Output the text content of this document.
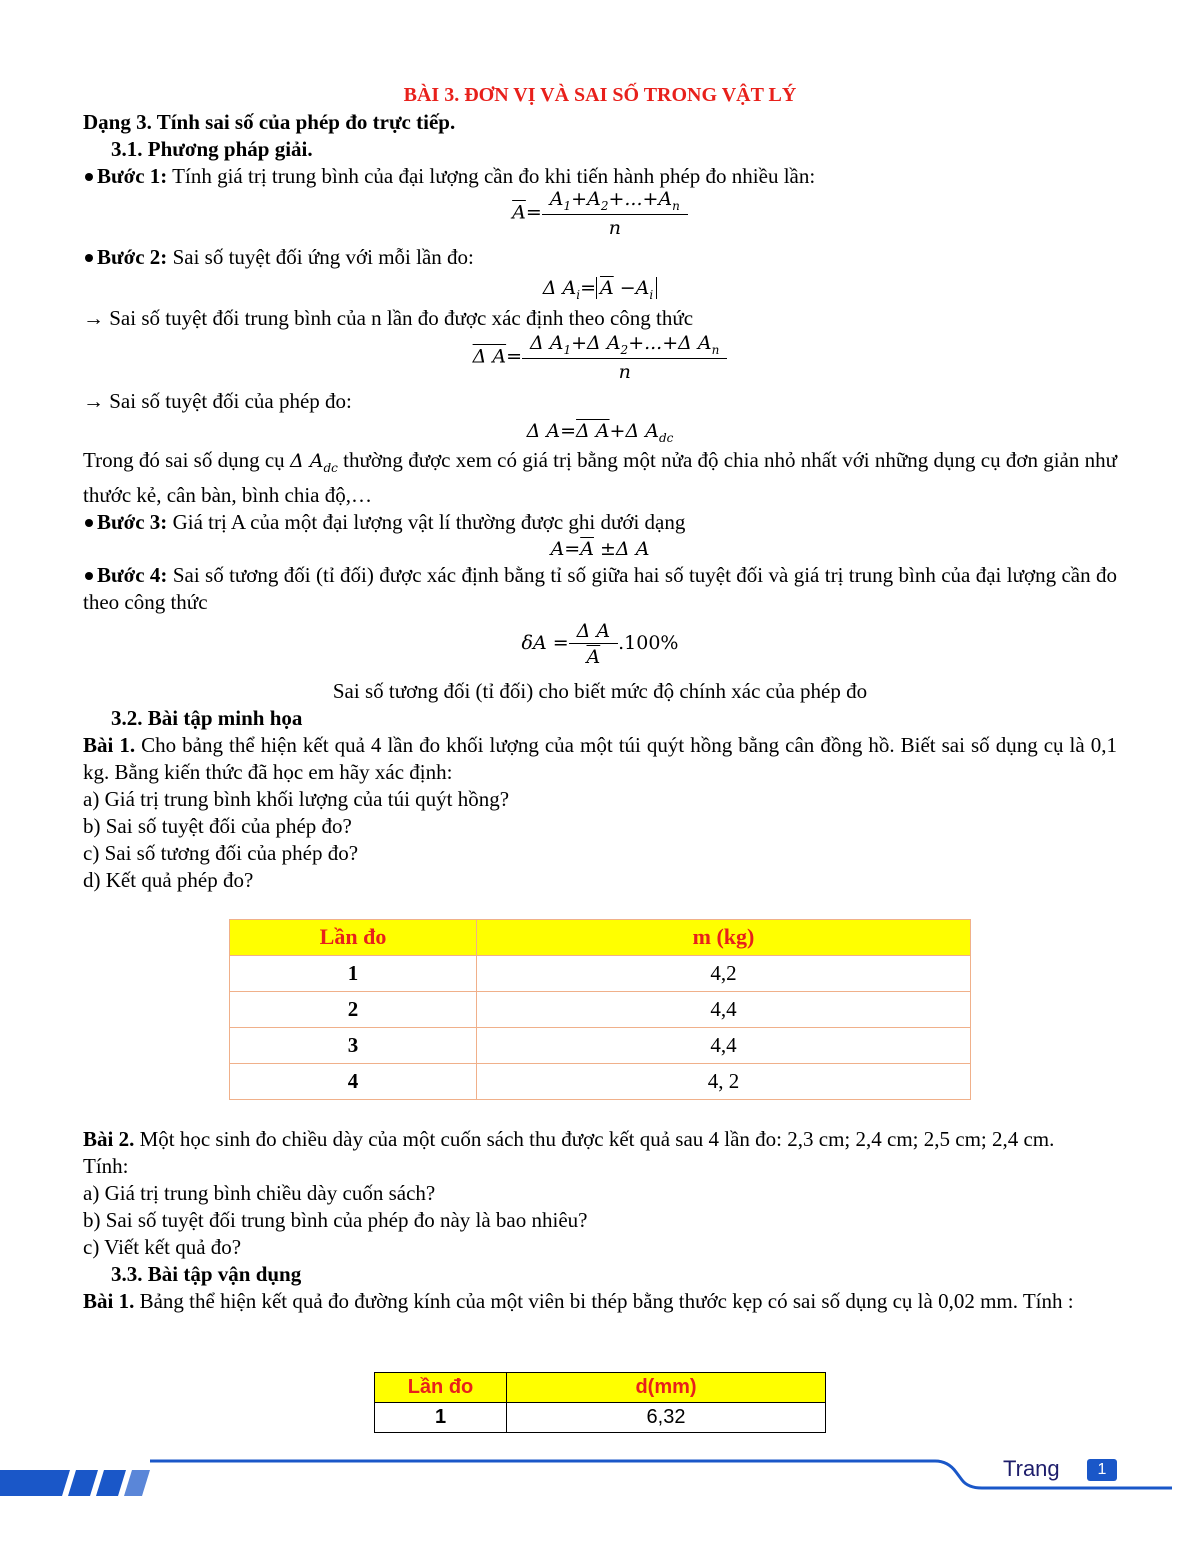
BÀI 3. ĐƠN VỊ VÀ SAI SỐ TRONG VẬT LÝ

Dạng 3. Tính sai số của phép đo trực tiếp.

3.1. Phương pháp giải.

Bước 1: Tính giá trị trung bình của đại lượng cần đo khi tiến hành phép đo nhiều lần:

$\overline{A}= \frac{A_1+A_2+...+A_n}{n}$

Bước 2: Sai số tuyệt đối ứng với mỗi lần đo:

Δ $A_i= \overline{A} -A_i$

→ Sai số tuyệt đối trung bình của n lần đo được xác định theo công thức

Δ $A= \frac{\Delta A_1+\Delta A_2+...+\Delta A_n}{n}$

→ Sai số tuyệt đối của phép đo:

Δ A=Δ A+Δ $A_{dc}$

Trong đó sai số dụng cụ Δ $A_{dc}$ thường được xem có giá trị bằng một nửa độ chia nhỏ nhất với những dụng cụ đơn giản như thước kẻ, cân bàn, bình chia độ,…

Bước 3: Giá trị A của một đại lượng vật lí thường được ghi dưới dạng

$A=\overline{A} \pm\Delta$ A

Bước 4: Sai số tương đối (tỉ đối) được xác định bằng tỉ số giữa hai số tuyệt đối và giá trị trung bình của đại lượng cần đo theo công thức

$\delta A = \frac{\text{Δ A}}{A} .100\%$

Sai số tương đối (tỉ đối) cho biết mức độ chính xác của phép đo

3.2. Bài tập minh họa

Bài 1. Cho bảng thể hiện kết quả 4 lần đo khối lượng của một túi quýt hồng bằng cân đồng hồ. Biết sai số dụng cụ là 0,1 kg. Bằng kiến thức đã học em hãy xác định:

a) Giá trị trung bình khối lượng của túi quýt hồng?

b) Sai số tuyệt đối của phép đo?

c) Sai số tương đối của phép đo?

d) Kết quả phép đo?

Lần đo	m (kg)
1	4,2
2	4,4
3	4,4
4	4, 2

Bài 2. Một học sinh đo chiều dày của một cuốn sách thu được kết quả sau 4 lần đo: 2,3 cm; 2,4 cm; 2,5 cm; 2,4 cm.

Tính:

a) Giá trị trung bình chiều dày cuốn sách?

b) Sai số tuyệt đối trung bình của phép đo này là bao nhiêu?

c) Viết kết quả đo?

3.3. Bài tập vận dụng

Bài 1. Bảng thể hiện kết quả đo đường kính của một viên bi thép bằng thước kẹp có sai số dụng cụ là 0,02 mm. Tính :

Lần đo	d(mm)
1	6,32
Trang	1
